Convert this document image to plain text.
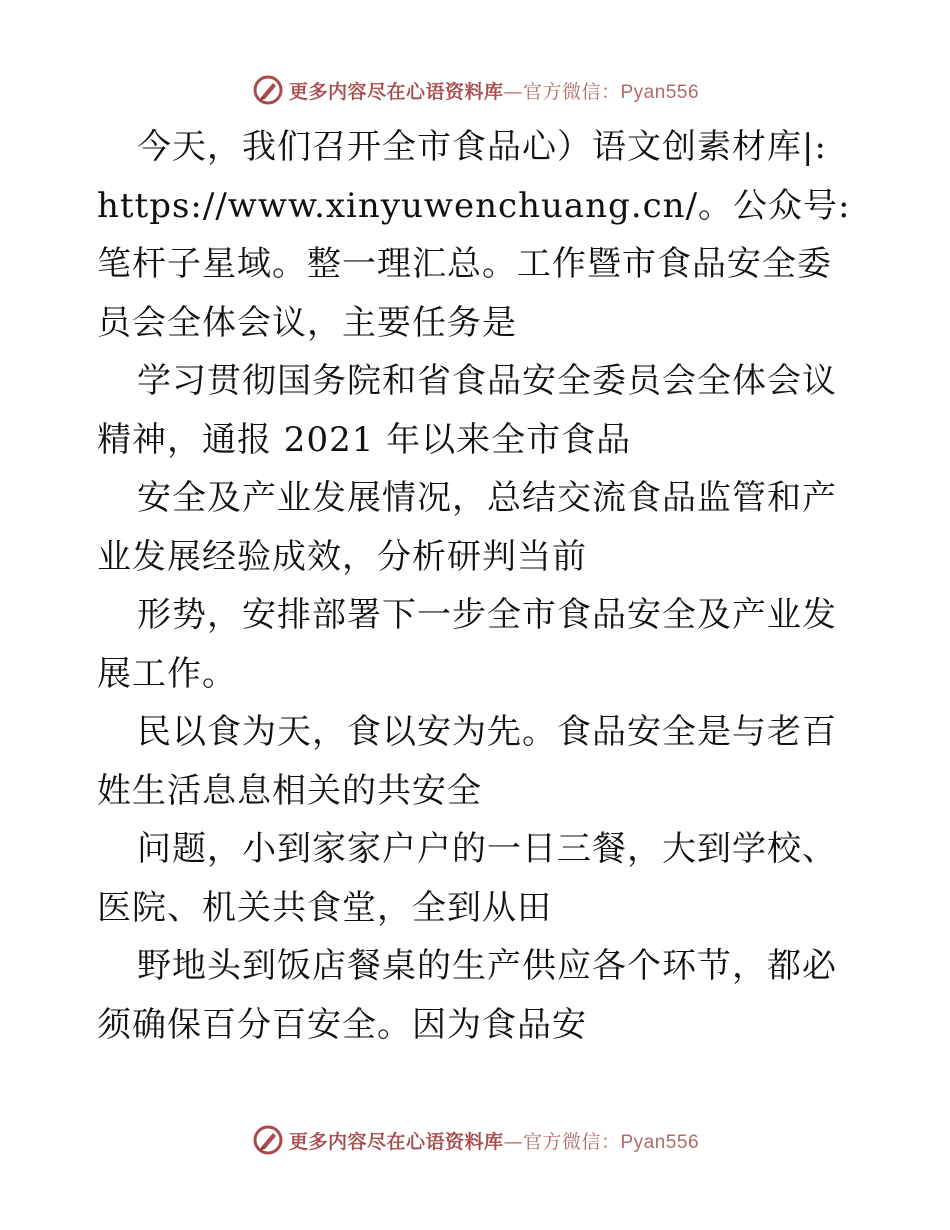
更多内容尽在心语资料库—官方微信：Pyan556

今天，我们召开全市食品心）语文创素材库|: https://www.xinyuwenchuang.cn/。公众号: 笔杆子星域。整一理汇总。工作暨市食品安全委员会全体会议，主要任务是

学习贯彻国务院和省食品安全委员会全体会议精神，通报 2021 年以来全市食品

安全及产业发展情况，总结交流食品监管和产业发展经验成效，分析研判当前

形势，安排部署下一步全市食品安全及产业发展工作。

民以食为天，食以安为先。食品安全是与老百姓生活息息相关的共安全

问题，小到家家户户的一日三餐，大到学校、医院、机关共食堂，全到从田

野地头到饭店餐桌的生产供应各个环节，都必须确保百分百安全。因为食品安

更多内容尽在心语资料库—官方微信：Pyan556
